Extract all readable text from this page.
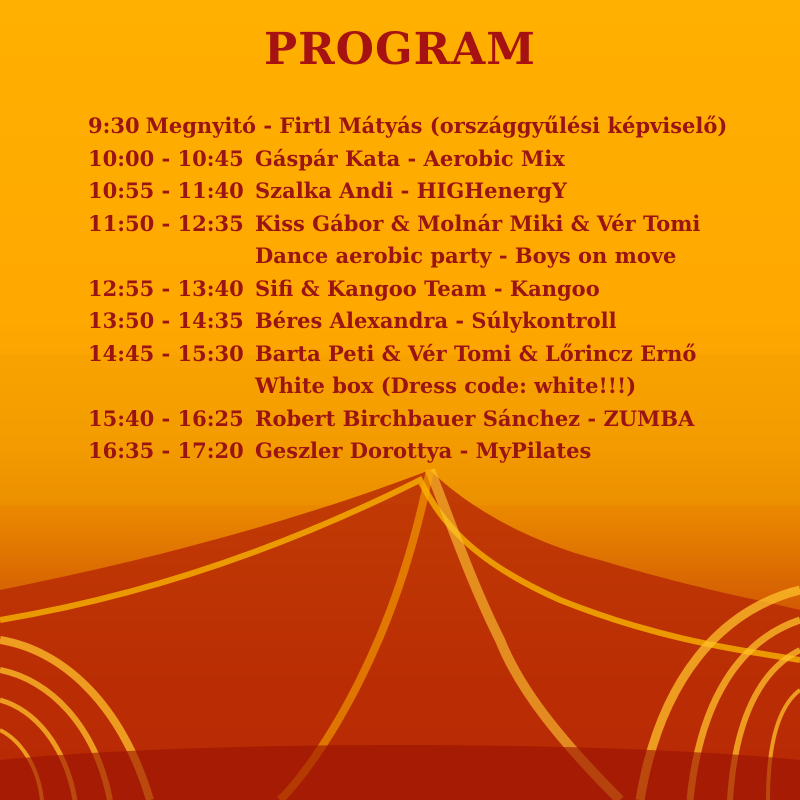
PROGRAM
9:30 Megnyitó - Firtl Mátyás (országgyűlési képviselő)
10:00 - 10:45 Gáspár Kata - Aerobic Mix
10:55 - 11:40 Szalka Andi - HIGHenergY
11:50 - 12:35 Kiss Gábor & Molnár Miki & Vér Tomi
Dance aerobic party - Boys on move
12:55 - 13:40 Sifi & Kangoo Team - Kangoo
13:50 - 14:35 Béres Alexandra - Súlykontroll
14:45 - 15:30 Barta Peti & Vér Tomi & Lőrincz Ernő
White box (Dress code: white!!!)
15:40 - 16:25 Robert Birchbauer Sánchez - ZUMBA
16:35 - 17:20 Geszler Dorottya - MyPilates
